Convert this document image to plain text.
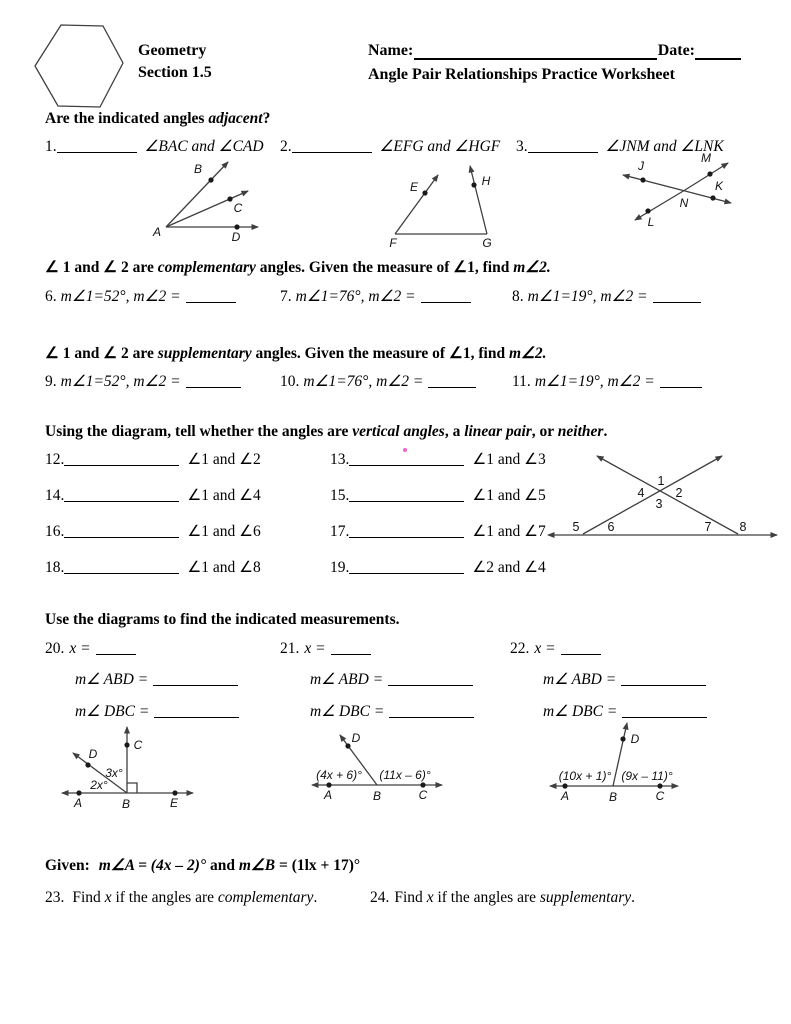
Geometry
Section 1.5
Name:	Date:
Angle Pair Relationships Practice Worksheet
Are the indicated angles adjacent?
1.	∠BAC and ∠CAD 2.	∠EFG and ∠HGF 3.	∠JNM and ∠LNK
A
B
C
D
E	H
F	G
J
M
K
L
N
∠ 1 and ∠ 2 are complementary angles. Given the measure of ∠1, find m∠2.
6. m∠1=52°, m∠2 =	7. m∠1=76°, m∠2 =	8. m∠1=19°, m∠2 =
∠ 1 and ∠ 2 are supplementary angles. Given the measure of ∠1, find m∠2.
9. m∠1=52°, m∠2 =	10. m∠1=76°, m∠2 =	11. m∠1=19°, m∠2 =
Using the diagram, tell whether the angles are vertical angles, a linear pair, or neither.
12.	∠1 and ∠2	13.	∠1 and ∠3
14.	∠1 and ∠4	15.	∠1 and ∠5
16.	∠1 and ∠6	17.	∠1 and ∠7
18.	∠1 and ∠8	19.	∠2 and ∠4
1
2
3
4
5 6	7 8
Use the diagrams to find the indicated measurements.
20. x =	21. x =	22. x =
m∠ ABD =	m∠ ABD =	m∠ ABD =
m∠ DBC =	m∠ DBC =	m∠ DBC =
A	B	E
C
D
3x°
2x°
A	B	C
D
(4x + 6)° (11x – 6)°
A	B	C
D
(10x + 1)° (9x – 11)°
Given: m∠A = (4x – 2)° and m∠B = (1lx + 17)°
23. Find x if the angles are complementary.	24. Find x if the angles are supplementary.
